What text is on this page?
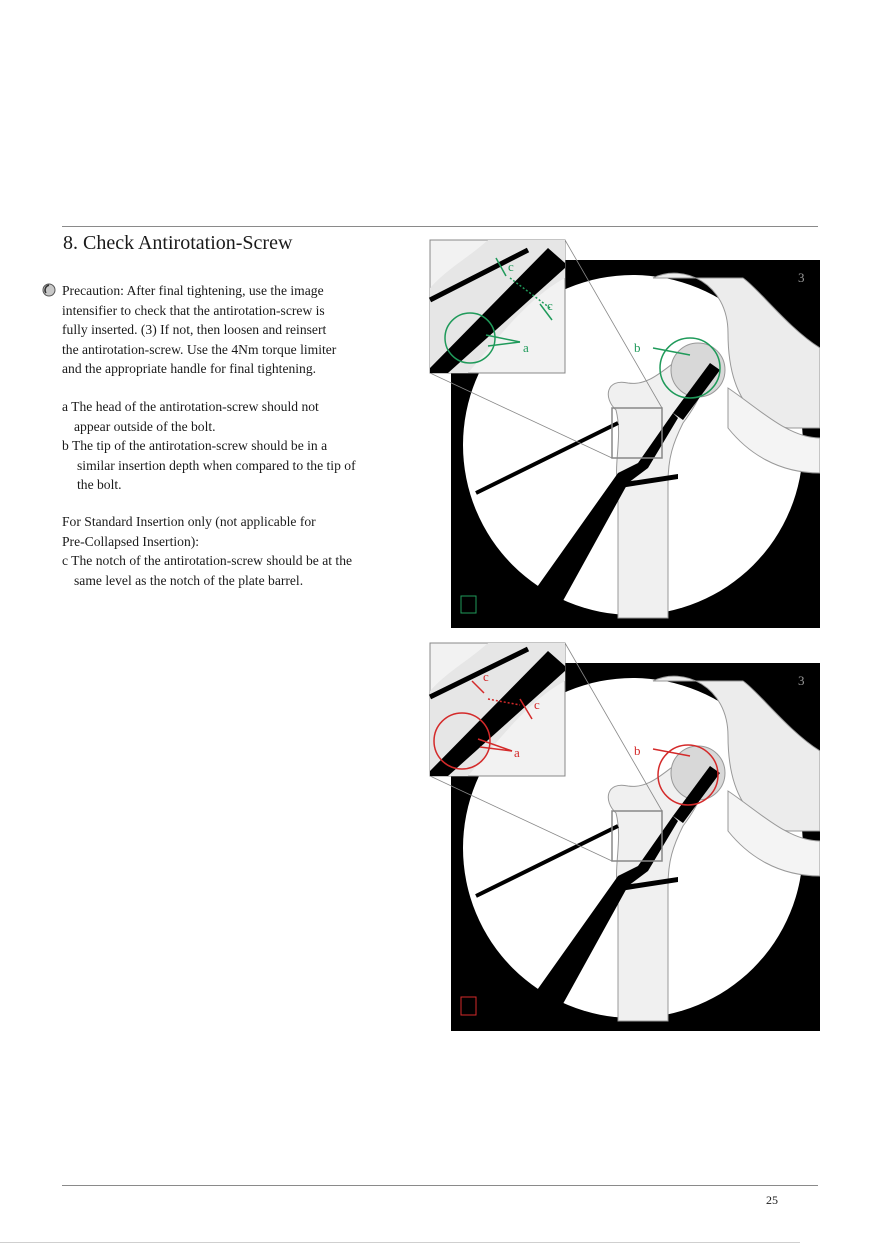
8. Check Antirotation-Screw
Precaution: After final tightening, use the image
intensifier to check that the antirotation-screw is
fully inserted. (3) If not, then loosen and reinsert
the antirotation-screw. Use the 4Nm torque limiter
and the appropriate handle for final tightening.
a The head of the antirotation-screw should not

appear outside of the bolt.
b The tip of the antirotation-screw should be in a

similar insertion depth when compared to the tip of
the bolt.
For Standard Insertion only (not applicable for
Pre-Collapsed Insertion):
c The notch of the antirotation-screw should be at the

same level as the notch of the plate barrel.
c
c
a	b
3
c
c
a	b
3
25
